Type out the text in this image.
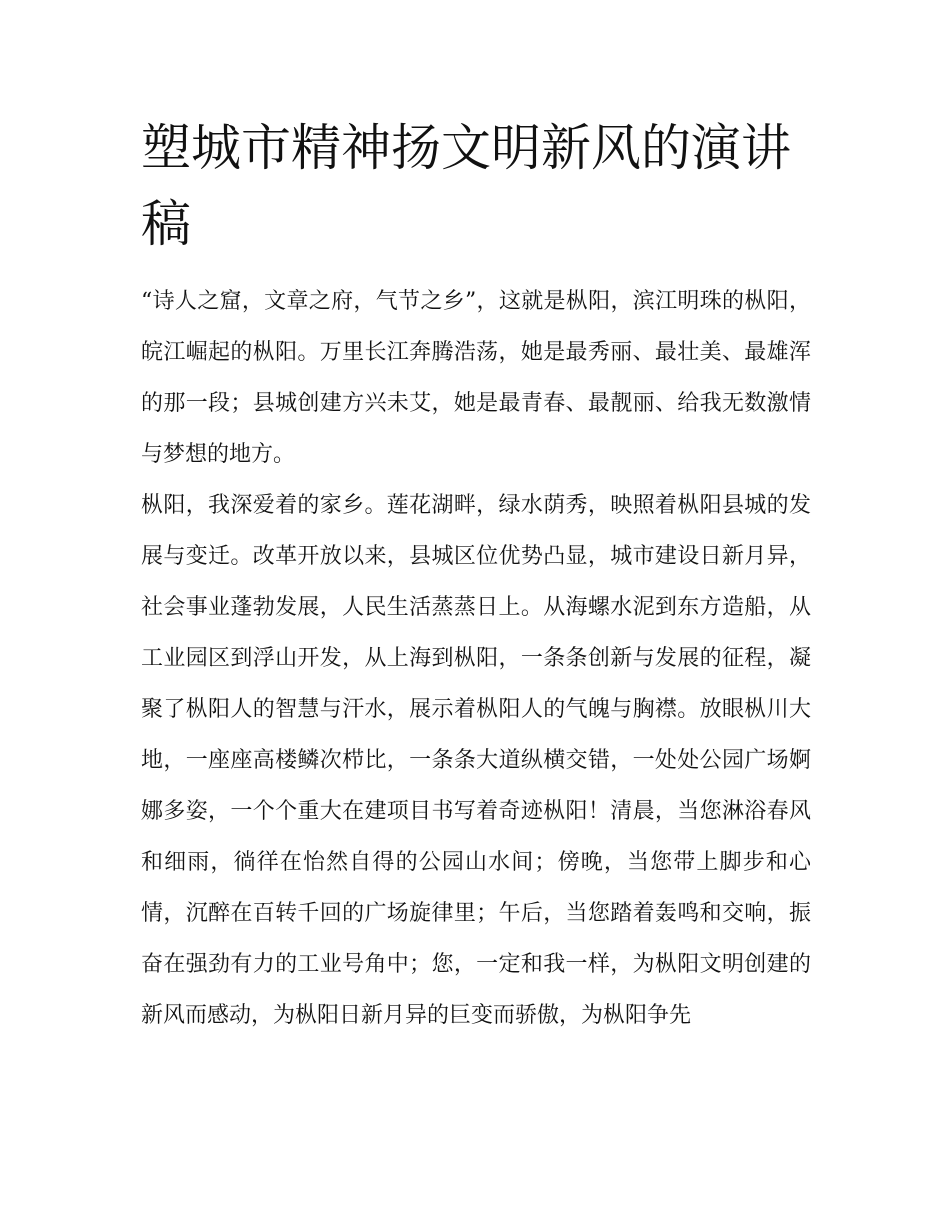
塑城市精神扬文明新风的演讲稿

“诗人之窟，文章之府，气节之乡”，这就是枞阳，滨江明珠的枞阳，皖江崛起的枞阳。万里长江奔腾浩荡，她是最秀丽、最壮美、最雄浑的那一段；县城创建方兴未艾，她是最青春、最靓丽、给我无数激情与梦想的地方。

枞阳，我深爱着的家乡。莲花湖畔，绿水荫秀，映照着枞阳县城的发展与变迁。改革开放以来，县城区位优势凸显，城市建设日新月异，社会事业蓬勃发展，人民生活蒸蒸日上。从海螺水泥到东方造船，从工业园区到浮山开发，从上海到枞阳，一条条创新与发展的征程，凝聚了枞阳人的智慧与汗水，展示着枞阳人的气魄与胸襟。放眼枞川大地，一座座高楼鳞次栉比，一条条大道纵横交错，一处处公园广场婀娜多姿，一个个重大在建项目书写着奇迹枞阳！清晨，当您淋浴春风和细雨，徜徉在怡然自得的公园山水间；傍晚，当您带上脚步和心情，沉醉在百转千回的广场旋律里；午后，当您踏着轰鸣和交响，振奋在强劲有力的工业号角中；您，一定和我一样，为枞阳文明创建的新风而感动，为枞阳日新月异的巨变而骄傲，为枞阳争先
